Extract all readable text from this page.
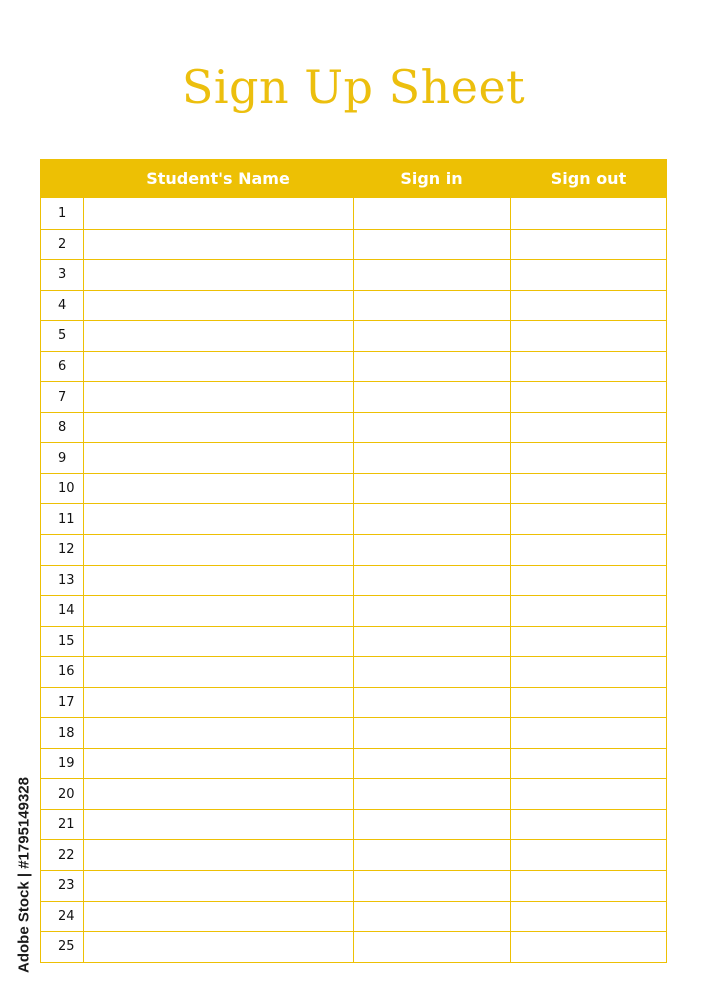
Sign Up Sheet
Student's Name	Sign in	Sign out
1
2
3
4
5
6
7
8
9
10
11
12
13
14
15
16
17
18
19
20
21
22
23
24
25
Adobe Stock | #1795149328
